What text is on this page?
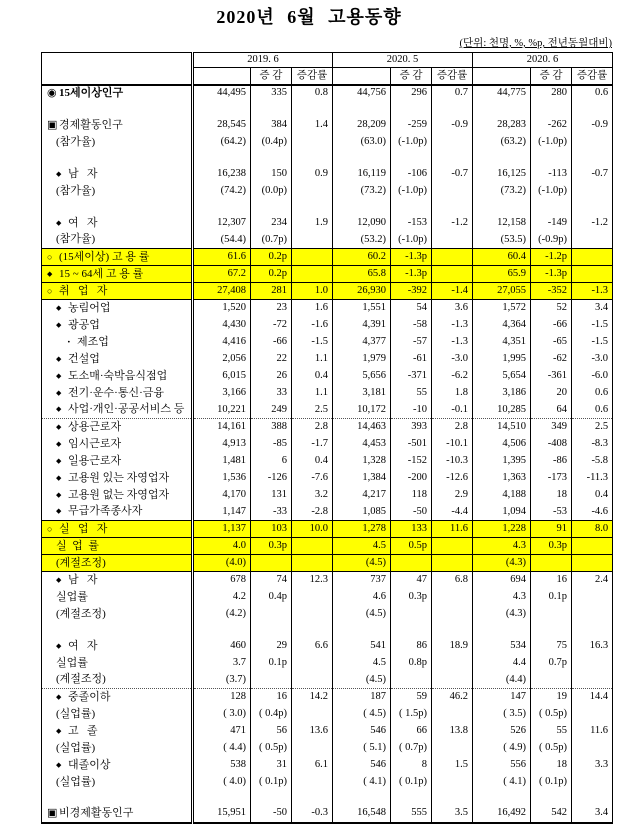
2020년 6월 고용동향
(단위: 천명, %, %p, 전년동월대비)
	2019. 6			2020. 5			2020. 6		
		증 감	증감률		증 감	증감률		증 감	증감률
◉ 15세이상인구	44,495	335	0.8	44,756	296	0.7	44,775	280	0.6

▣ 경제활동인구	28,545	384	1.4	28,209	-259	-0.9	28,283	-262	-0.9
(참가율)	(64.2)	(0.4p)		(63.0)	(-1.0p)		(63.2)	(-1.0p)	

◆ 남   자	16,238	150	0.9	16,119	-106	-0.7	16,125	-113	-0.7
(참가율)	(74.2)	(0.0p)		(73.2)	(-1.0p)		(73.2)	(-1.0p)	

◆ 여   자	12,307	234	1.9	12,090	-153	-1.2	12,158	-149	-1.2
(참가율)	(54.4)	(0.7p)		(53.2)	(-1.0p)		(53.5)	(-0.9p)	
○ (15세이상) 고 용 률	61.6	0.2p		60.2	-1.3p		60.4	-1.2p	
◆ 15 ~ 64세 고 용 률	67.2	0.2p		65.8	-1.3p		65.9	-1.3p	
○ 취   업   자	27,408	281	1.0	26,930	-392	-1.4	27,055	-352	-1.3
◆ 농림어업	1,520	23	1.6	1,551	54	3.6	1,572	52	3.4
◆ 광공업	4,430	-72	-1.6	4,391	-58	-1.3	4,364	-66	-1.5
· 제조업	4,416	-66	-1.5	4,377	-57	-1.3	4,351	-65	-1.5
◆ 건설업	2,056	22	1.1	1,979	-61	-3.0	1,995	-62	-3.0
◆ 도소매·숙박음식점업	6,015	26	0.4	5,656	-371	-6.2	5,654	-361	-6.0
◆ 전기·운수·통신·금융	3,166	33	1.1	3,181	55	1.8	3,186	20	0.6
◆ 사업·개인·공공서비스 등	10,221	249	2.5	10,172	-10	-0.1	10,285	64	0.6
◆ 상용근로자	14,161	388	2.8	14,463	393	2.8	14,510	349	2.5
◆ 임시근로자	4,913	-85	-1.7	4,453	-501	-10.1	4,506	-408	-8.3
◆ 일용근로자	1,481	6	0.4	1,328	-152	-10.3	1,395	-86	-5.8
◆ 고용원 있는 자영업자	1,536	-126	-7.6	1,384	-200	-12.6	1,363	-173	-11.3
◆ 고용원 없는 자영업자	4,170	131	3.2	4,217	118	2.9	4,188	18	0.4
◆ 무급가족종사자	1,147	-33	-2.8	1,085	-50	-4.4	1,094	-53	-4.6
○ 실   업   자	1,137	103	10.0	1,278	133	11.6	1,228	91	8.0
실  업  률	4.0	0.3p		4.5	0.5p		4.3	0.3p	
(계절조정)	(4.0)			(4.5)			(4.3)		
◆ 남   자	678	74	12.3	737	47	6.8	694	16	2.4
실업률	4.2	0.4p		4.6	0.3p		4.3	0.1p	
(계절조정)	(4.2)			(4.5)			(4.3)		

◆ 여   자	460	29	6.6	541	86	18.9	534	75	16.3
실업률	3.7	0.1p		4.5	0.8p		4.4	0.7p	
(계절조정)	(3.7)			(4.5)			(4.4)		
◆ 중졸이하	128	16	14.2	187	59	46.2	147	19	14.4
(실업률)	( 3.0)	( 0.4p)		( 4.5)	( 1.5p)		( 3.5)	( 0.5p)	
◆ 고   졸	471	56	13.6	546	66	13.8	526	55	11.6
(실업률)	( 4.4)	( 0.5p)		( 5.1)	( 0.7p)		( 4.9)	( 0.5p)	
◆ 대졸이상	538	31	6.1	546	8	1.5	556	18	3.3
(실업률)	( 4.0)	( 0.1p)		( 4.1)	( 0.1p)		( 4.1)	( 0.1p)	

▣ 비경제활동인구	15,951	-50	-0.3	16,548	555	3.5	16,492	542	3.4
